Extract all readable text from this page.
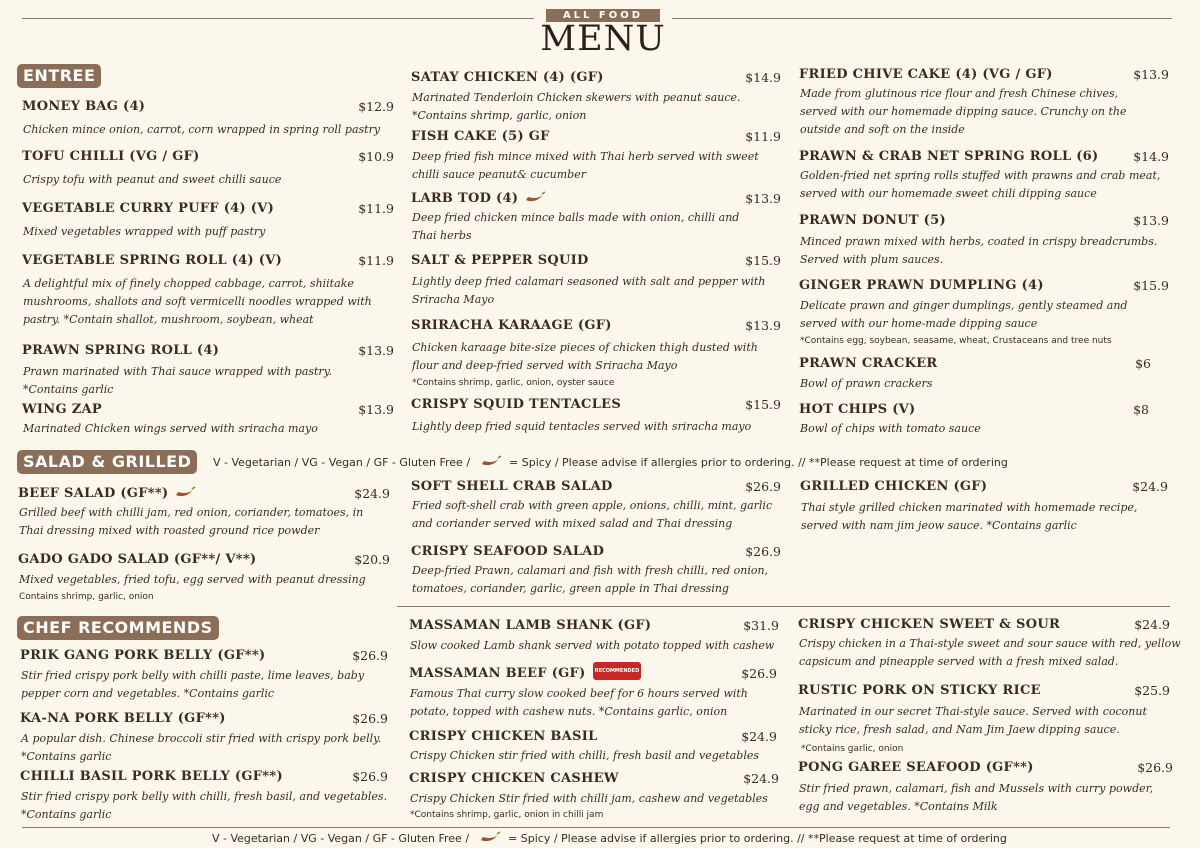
ALL FOOD
MENU
ENTREE
SALAD & GRILLED
CHEF RECOMMENDS
MONEY BAG (4)	$12.9
Chicken mince onion, carrot, corn wrapped in spring roll pastry
TOFU CHILLI (VG / GF)	$10.9
Crispy tofu with peanut and sweet chilli sauce
VEGETABLE CURRY PUFF (4) (V)	$11.9
Mixed vegetables wrapped with puff pastry
VEGETABLE SPRING ROLL (4) (V)	$11.9
A delightful mix of finely chopped cabbage, carrot, shiitake mushrooms, shallots and soft vermicelli noodles wrapped with pastry. *Contain shallot, mushroom, soybean, wheat
PRAWN SPRING ROLL (4)	$13.9
Prawn marinated with Thai sauce wrapped with pastry. *Contains garlic
WING ZAP	$13.9
Marinated Chicken wings served with sriracha mayo
SATAY CHICKEN (4) (GF)	$14.9
Marinated Tenderloin Chicken skewers with peanut sauce. *Contains shrimp, garlic, onion
FISH CAKE (5) GF	$11.9
Deep fried fish mince mixed with Thai herb served with sweet chilli sauce peanut& cucumber
LARB TOD (4)	$13.9
Deep fried chicken mince balls made with onion, chilli and Thai herbs
SALT & PEPPER SQUID	$15.9
Lightly deep fried calamari seasoned with salt and pepper with Sriracha Mayo
SRIRACHA KARAAGE (GF)	$13.9
Chicken karaage bite-size pieces of chicken thigh dusted with flour and deep-fried served with Sriracha Mayo
*Contains shrimp, garlic, onion, oyster sauce
CRISPY SQUID TENTACLES	$15.9
Lightly deep fried squid tentacles served with sriracha mayo
FRIED CHIVE CAKE (4) (VG / GF)	$13.9
Made from glutinous rice flour and fresh Chinese chives, served with our homemade dipping sauce. Crunchy on the outside and soft on the inside
PRAWN & CRAB NET SPRING ROLL (6)	$14.9
Golden-fried net spring rolls stuffed with prawns and crab meat, served with our homemade sweet chili dipping sauce
PRAWN DONUT (5)	$13.9
Minced prawn mixed with herbs, coated in crispy breadcrumbs. Served with plum sauces.
GINGER PRAWN DUMPLING (4)	$15.9
Delicate prawn and ginger dumplings, gently steamed and served with our home-made dipping sauce
*Contains egg, soybean, seasame, wheat, Crustaceans and tree nuts
PRAWN CRACKER	$6
Bowl of prawn crackers
HOT CHIPS (V)	$8
Bowl of chips with tomato sauce
V - Vegetarian / VG - Vegan / GF - Gluten Free /	= Spicy / Please advise if allergies prior to ordering. // **Please request at time of ordering
BEEF SALAD (GF**)	$24.9
Grilled beef with chilli jam, red onion, coriander, tomatoes, in Thai dressing mixed with roasted ground rice powder
GADO GADO SALAD (GF**/ V**)	$20.9
Mixed vegetables, fried tofu, egg served with peanut dressing
Contains shrimp, garlic, onion
SOFT SHELL CRAB SALAD	$26.9
Fried soft-shell crab with green apple, onions, chilli, mint, garlic and coriander served with mixed salad and Thai dressing
CRISPY SEAFOOD SALAD	$26.9
Deep-fried Prawn, calamari and fish with fresh chilli, red onion, tomatoes, coriander, garlic, green apple in Thai dressing
GRILLED CHICKEN (GF)	$24.9
Thai style grilled chicken marinated with homemade recipe, served with nam jim jeow sauce. *Contains garlic
PRIK GANG PORK BELLY (GF**)	$26.9
Stir fried crispy pork belly with chilli paste, lime leaves, baby pepper corn and vegetables. *Contains garlic
KA-NA PORK BELLY (GF**)	$26.9
A popular dish. Chinese broccoli stir fried with crispy pork belly. *Contains garlic
CHILLI BASIL PORK BELLY (GF**)	$26.9
Stir fried crispy pork belly with chilli, fresh basil, and vegetables. *Contains garlic
MASSAMAN LAMB SHANK (GF)	$31.9
Slow cooked Lamb shank served with potato topped with cashew
MASSAMAN BEEF (GF)	$26.9
Famous Thai curry slow cooked beef for 6 hours served with potato, topped with cashew nuts. *Contains garlic, onion
RECOMMENDED
CRISPY CHICKEN BASIL	$24.9
Crispy Chicken stir fried with chilli, fresh basil and vegetables
CRISPY CHICKEN CASHEW	$24.9
Crispy Chicken Stir fried with chilli jam, cashew and vegetables
*Contains shrimp, garlic, onion in chilli jam
CRISPY CHICKEN SWEET & SOUR	$24.9
Crispy chicken in a Thai-style sweet and sour sauce with red, yellow capsicum and pineapple served with a fresh mixed salad.
RUSTIC PORK ON STICKY RICE	$25.9
Marinated in our secret Thai-style sauce. Served with coconut sticky rice, fresh salad, and Nam Jim Jaew dipping sauce.
*Contains garlic, onion
PONG GAREE SEAFOOD (GF**)	$26.9
Stir fried prawn, calamari, fish and Mussels with curry powder, egg and vegetables. *Contains Milk
V - Vegetarian / VG - Vegan / GF - Gluten Free /	= Spicy / Please advise if allergies prior to ordering. // **Please request at time of ordering
